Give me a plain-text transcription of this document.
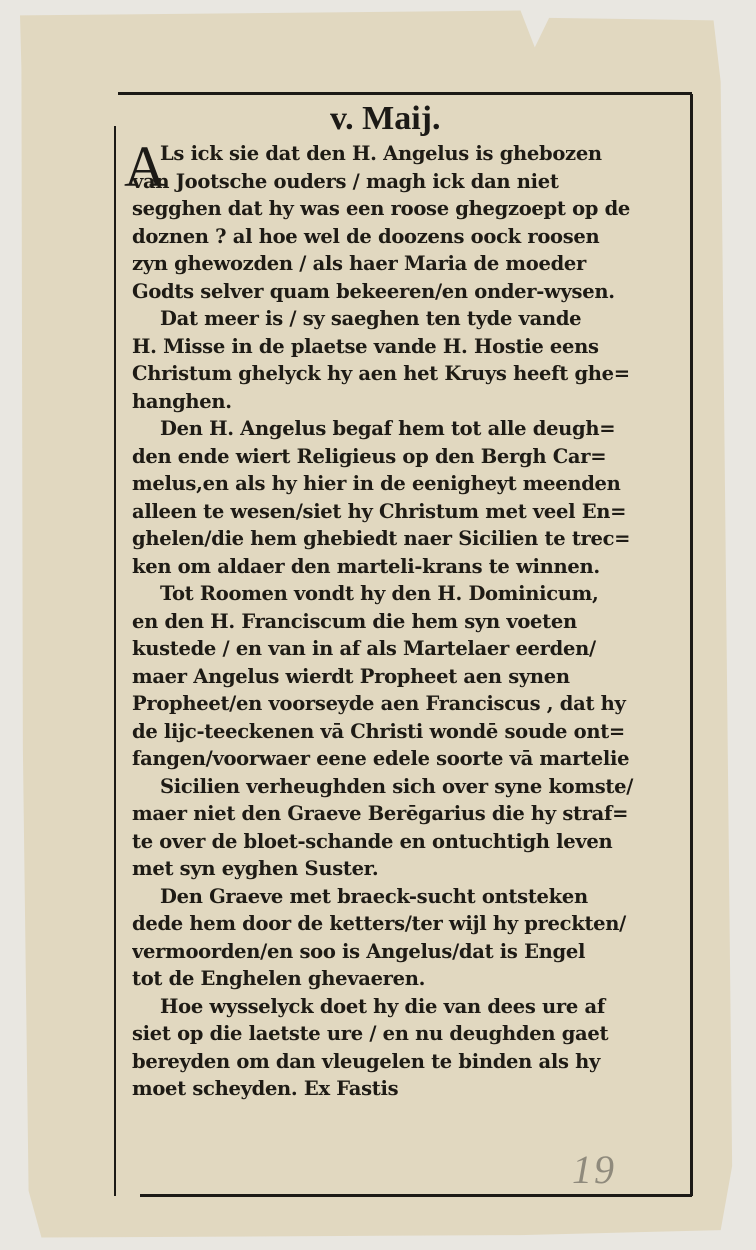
v. Maij.
A
Ls ick sie dat den H. Angelus is ghebozen
van Jootsche ouders / magh ick dan niet
segghen dat hy was een roose ghegzoept op de
doznen ? al hoe wel de doozens oock roosen
zyn ghewozden / als haer Maria de moeder
Godts selver quam bekeeren/en onder-wysen.
Dat meer is / sy saeghen ten tyde vande
H. Misse in de plaetse vande H. Hostie eens
Christum ghelyck hy aen het Kruys heeft ghe=
hanghen.
Den H. Angelus begaf hem tot alle deugh=
den ende wiert Religieus op den Bergh Car=
melus,en als hy hier in de eenigheyt meenden
alleen te wesen/siet hy Christum met veel En=
ghelen/die hem ghebiedt naer Sicilien te trec=
ken om aldaer den marteli-krans te winnen.
Tot Roomen vondt hy den H. Dominicum,
en den H. Franciscum die hem syn voeten
kustede / en van in af als Martelaer eerden/
maer Angelus wierdt Propheet aen synen
Propheet/en voorseyde aen Franciscus , dat hy
de lijc-teeckenen vā Christi wondē soude ont=
fangen/voorwaer eene edele soorte vā martelie
Sicilien verheughden sich over syne komste/
maer niet den Graeve Berēgarius die hy straf=
te over de bloet-schande en ontuchtigh leven
met syn eyghen Suster.
Den Graeve met braeck-sucht ontsteken
dede hem door de ketters/ter wijl hy preckten/
vermoorden/en soo is Angelus/dat is Engel
tot de Enghelen ghevaeren.
Hoe wysselyck doet hy die van dees ure af
siet op die laetste ure / en nu deughden gaet
bereyden om dan vleugelen te binden als hy
moet scheyden. Ex Fastis
19
